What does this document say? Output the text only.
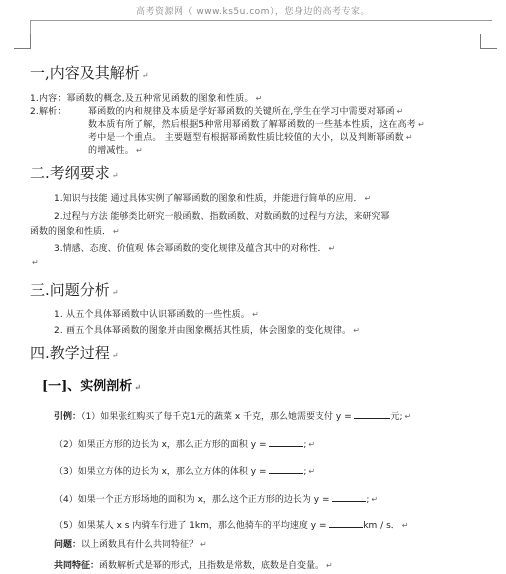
高考资源网（ www.ks5u.com），您身边的高考专家。
一,内容及其解析 ↵
1.内容：幂函数的概念,及五种常见函数的图象和性质。 ↵
2.解析： 幂函数的内和规律及本质是学好幂函数的关键所在,学生在学习中需要对幂函 ↵
数本质有所了解，然后根据5种常用幂函数了解幂函数的一些基本性质，这在高考 ↵
考中是一个重点。 主要题型有根据幂函数性质比较值的大小，以及判断幂函数 ↵
的增减性。 ↵
二.考纲要求 ↵
1.知识与技能 通过具体实例了解幂函数的图象和性质，并能进行简单的应用． ↵
2.过程与方法 能够类比研究一般函数、指数函数、对数函数的过程与方法，来研究幂
函数的图象和性质． ↵
3.情感、态度、价值观 体会幂函数的变化规律及蕴含其中的对称性． ↵
↵
三.问题分析 ↵
1. 从五个具体幂函数中认识幂函数的一些性质。 ↵
2. 画五个具体幂函数的图象并由图象概括其性质，体会图象的变化规律。 ↵
四.教学过程 ↵
[一]、实例剖析 ↵
引例：（1）如果张红购买了每千克1元的蔬菜 x 千克，那么她需要支付 y =	元; ↵
（2）如果正方形的边长为 x，那么正方形的面积 y =	; ↵
（3）如果立方体的边长为 x，那么立方体的体积 y =	; ↵
（4）如果一个正方形场地的面积为 x，那么这个正方形的边长为 y =	; ↵
（5）如果某人 x s 内骑车行进了 1km，那么他骑车的平均速度 y =	km / s． ↵
问题：以上函数具有什么共同特征？ ↵
共同特征：函数解析式是幂的形式，且指数是常数，底数是自变量。 ↵
